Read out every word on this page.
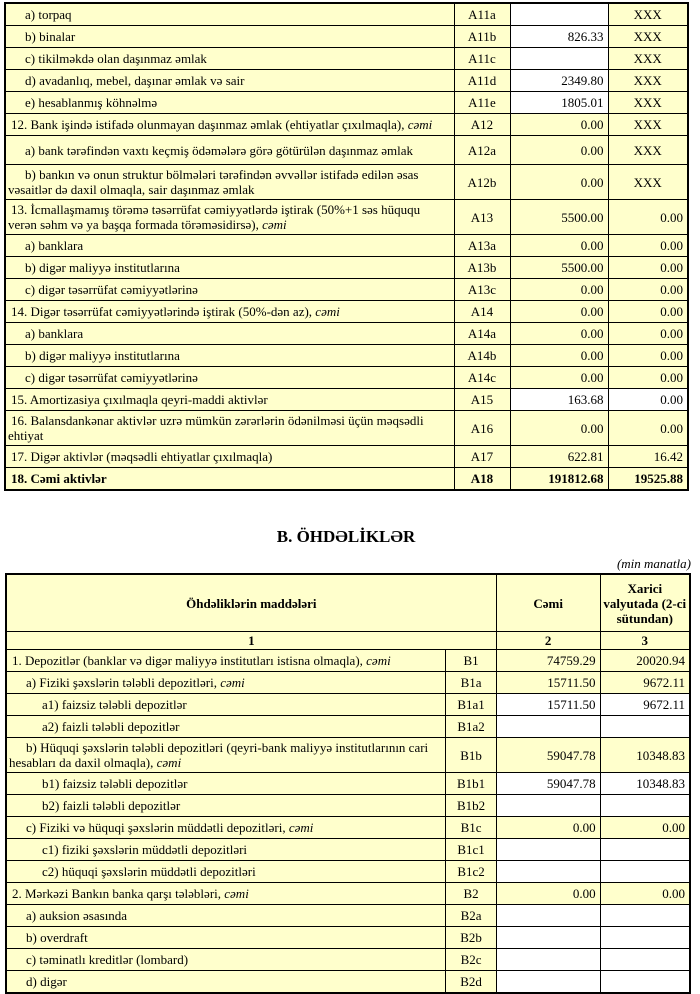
a) torpaq	A11a		XXX
b) binalar	A11b	826.33	XXX
c) tikilməkdə olan daşınmaz əmlak	A11c		XXX
d) avadanlıq, mebel, daşınar əmlak və sair	A11d	2349.80	XXX
e) hesablanmış köhnəlmə	A11e	1805.01	XXX
12. Bank işində istifadə olunmayan daşınmaz əmlak (ehtiyatlar çıxılmaqla), cəmi	A12	0.00	XXX
a) bank tərəfindən vaxtı keçmiş ödəmələrə görə götürülən daşınmaz əmlak	A12a	0.00	XXX
b) bankın və onun struktur bölmələri tərəfindən əvvəllər istifadə edilən əsas vəsaitlər də daxil olmaqla, sair daşınmaz əmlak	A12b	0.00	XXX
13. İcmallaşmamış törəmə təsərrüfat cəmiyyətlərdə iştirak (50%+1 səs hüququ verən səhm və ya başqa formada törəməsidirsə), cəmi	A13	5500.00	0.00
a) banklara	A13a	0.00	0.00
b) digər maliyyə institutlarına	A13b	5500.00	0.00
c) digər təsərrüfat cəmiyyətlərinə	A13c	0.00	0.00
14. Digər təsərrüfat cəmiyyətlərində iştirak (50%-dən az), cəmi	A14	0.00	0.00
a) banklara	A14a	0.00	0.00
b) digər maliyyə institutlarına	A14b	0.00	0.00
c) digər təsərrüfat cəmiyyətlərinə	A14c	0.00	0.00
15. Amortizasiya çıxılmaqla qeyri-maddi aktivlər	A15	163.68	0.00
16. Balansdankənar aktivlər uzrə mümkün zərərlərin ödənilməsi üçün məqsədli ehtiyat	A16	0.00	0.00
17. Digər aktivlər (məqsədli ehtiyatlar çıxılmaqla)	A17	622.81	16.42
18. Cəmi aktivlər	A18	191812.68	19525.88
B. ÖHDƏLİKLƏR
(min manatla)
Öhdəliklərin maddələri		Cəmi	Xarici valyutada (2-ci sütundan)
1		2	3
1. Depozitlər (banklar və digər maliyyə institutları istisna olmaqla), cəmi	B1	74759.29	20020.94
a) Fiziki şəxslərin tələbli depozitləri, cəmi	B1a	15711.50	9672.11
a1) faizsiz tələbli depozitlər	B1a1	15711.50	9672.11
a2) faizli tələbli depozitlər	B1a2		
b) Hüquqi şəxslərin tələbli depozitləri (qeyri-bank maliyyə institutlarının cari hesabları da daxil olmaqla), cəmi	B1b	59047.78	10348.83
b1) faizsiz tələbli depozitlər	B1b1	59047.78	10348.83
b2) faizli tələbli depozitlər	B1b2		
c) Fiziki və hüquqi şəxslərin müddətli depozitləri, cəmi	B1c	0.00	0.00
c1) fiziki şəxslərin müddətli depozitləri	B1c1		
c2) hüquqi şəxslərin müddətli depozitləri	B1c2		
2. Mərkəzi Bankın banka qarşı tələbləri, cəmi	B2	0.00	0.00
a) auksion əsasında	B2a		
b) overdraft	B2b		
c) təminatlı kreditlər (lombard)	B2c		
d) digər	B2d		
